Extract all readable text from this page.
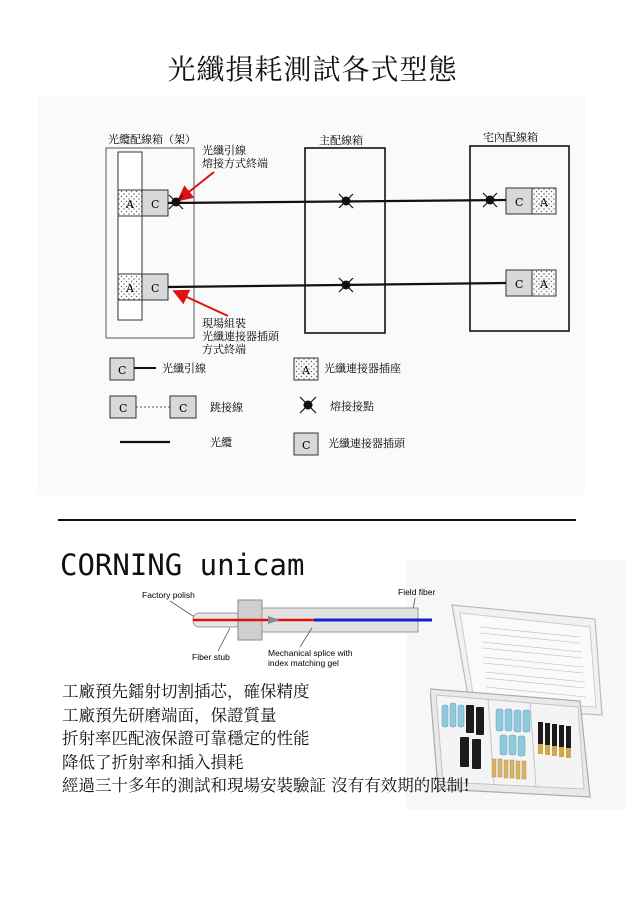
光纖損耗測試各式型態
光纜配線箱（架）
A C
A C
光纖引線
熔接方式終端
現場組裝
光纖連接器插頭
方式終端
主配線箱	宅內配線箱
C A
C A
C	光纖引線
C	C 跳接線
光纜
A 光纖連接器插座
熔接接點
C 光纖連接器插頭
CORNING unicam
Factory polish	Field fiber
Fiber stub	Mechanical splice with
index matching gel
工廠預先鐳射切割插芯，確保精度
工廠預先研磨端面，保證質量
折射率匹配液保證可靠穩定的性能
降低了折射率和插入損耗
經過三十多年的測試和現場安裝驗証 沒有有效期的限制!
